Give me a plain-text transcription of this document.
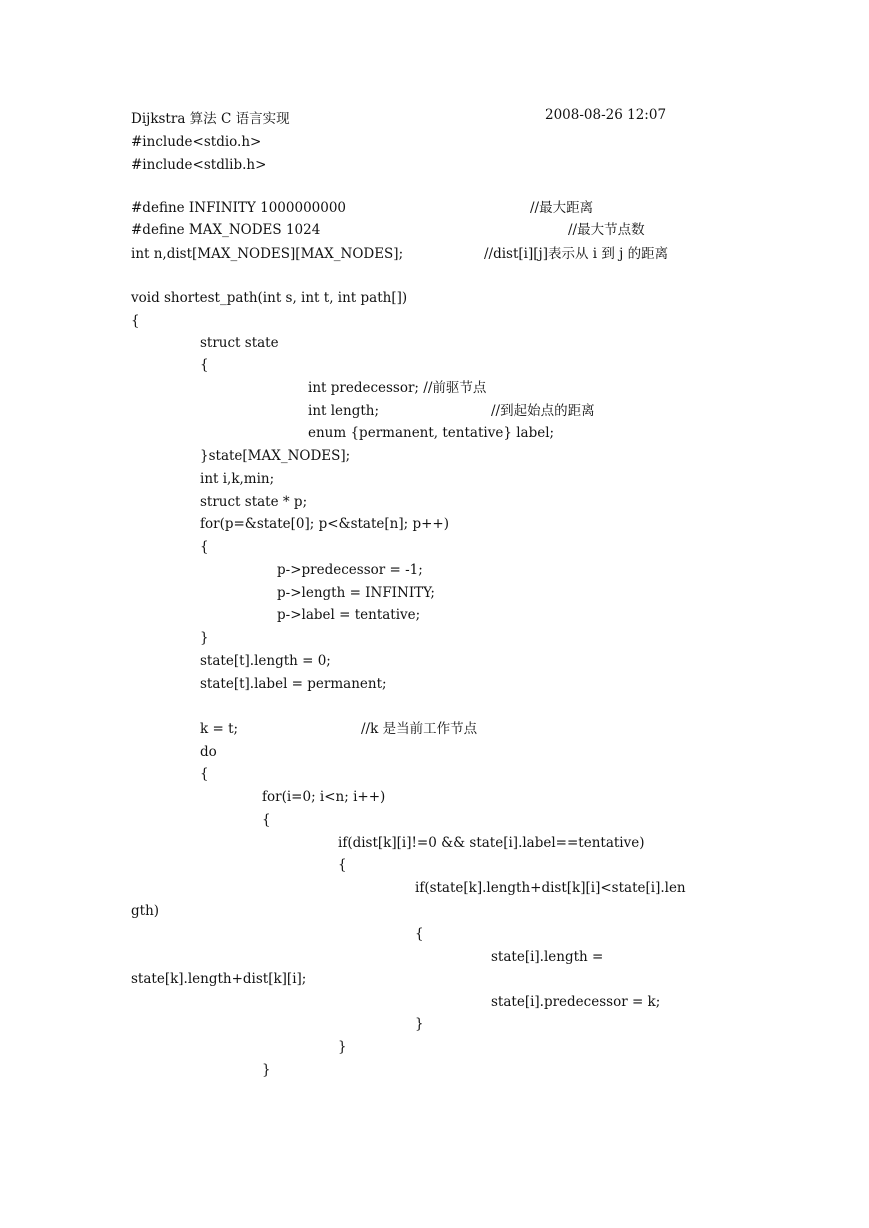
Dijkstra 算法 C 语言实现	2008-08-26 12:07
#include<stdio.h>
#include<stdlib.h>
#define INFINITY 1000000000	//最大距离
#define MAX_NODES 1024	//最大节点数
int n,dist[MAX_NODES][MAX_NODES];	//dist[i][j]表示从 i 到 j 的距离
void shortest_path(int s, int t, int path[])
{
struct state
{
int predecessor; //前驱节点
int length;	//到起始点的距离
enum {permanent, tentative} label;
}state[MAX_NODES];
int i,k,min;
struct state * p;
for(p=&state[0]; p<&state[n]; p++)
{
p->predecessor = -1;
p->length = INFINITY;
p->label = tentative;
}
state[t].length = 0;
state[t].label = permanent;
k = t;	//k 是当前工作节点
do
{
for(i=0; i<n; i++)
{
if(dist[k][i]!=0 && state[i].label==tentative)
{
if(state[k].length+dist[k][i]<state[i].len
gth)
{
state[i].length =
state[k].length+dist[k][i];
state[i].predecessor = k;
}
}
}
